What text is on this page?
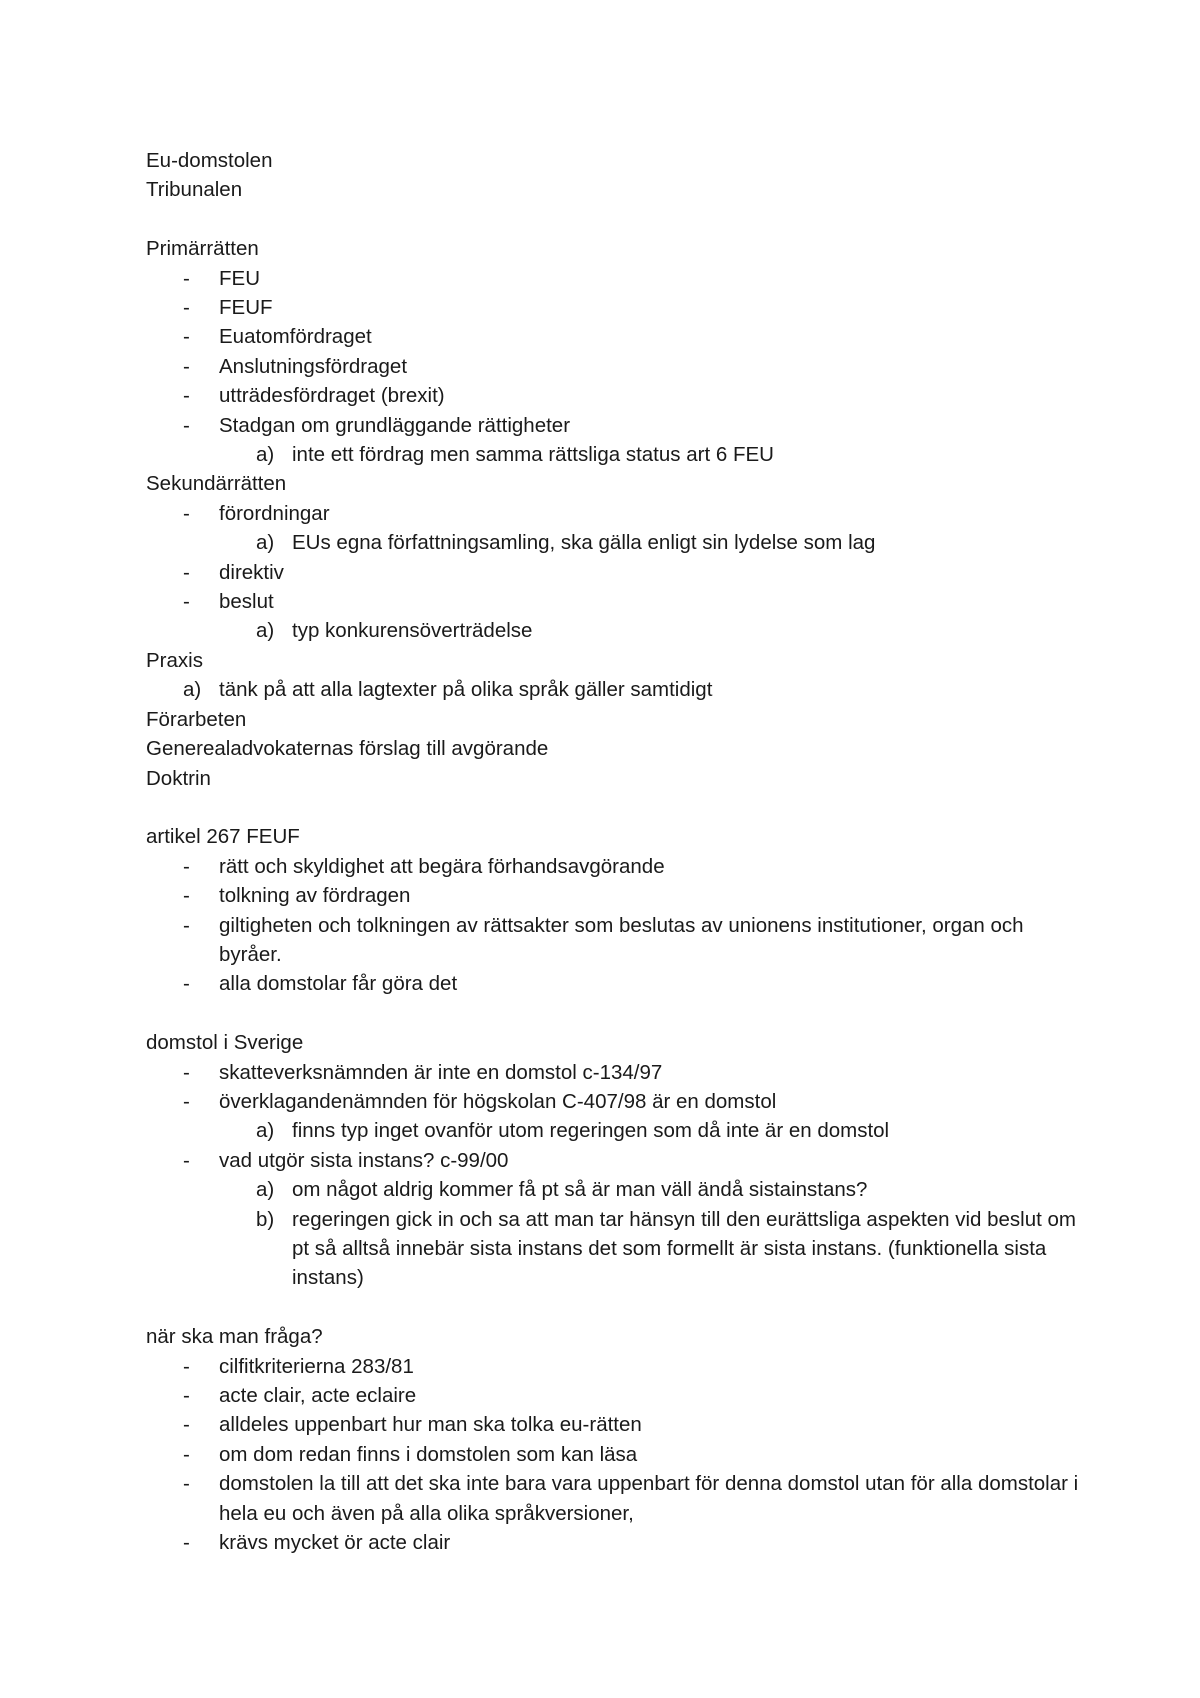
Eu-domstolen
Tribunalen
Primärrätten
- FEU
- FEUF
- Euatomfördraget
- Anslutningsfördraget
- utträdesfördraget (brexit)
- Stadgan om grundläggande rättigheter
a) inte ett fördrag men samma rättsliga status art 6 FEU
Sekundärrätten
- förordningar
a) EUs egna författningsamling, ska gälla enligt sin lydelse som lag
- direktiv
- beslut
a) typ konkurensöverträdelse
Praxis
a) tänk på att alla lagtexter på olika språk gäller samtidigt
Förarbeten
Generealadvokaternas förslag till avgörande
Doktrin
artikel 267 FEUF
- rätt och skyldighet att begära förhandsavgörande
- tolkning av fördragen
- giltigheten och tolkningen av rättsakter som beslutas av unionens institutioner, organ och byråer.
- alla domstolar får göra det
domstol i Sverige
- skatteverksnämnden är inte en domstol c-134/97
- överklagandenämnden för högskolan C-407/98 är en domstol
a) finns typ inget ovanför utom regeringen som då inte är en domstol
- vad utgör sista instans? c-99/00
a) om något aldrig kommer få pt så är man väll ändå sistainstans?
b) regeringen gick in och sa att man tar hänsyn till den eurättsliga aspekten vid beslut om pt så alltså innebär sista instans det som formellt är sista instans. (funktionella sista instans)
när ska man fråga?
- cilfitkriterierna 283/81
- acte clair, acte eclaire
- alldeles uppenbart hur man ska tolka eu-rätten
- om dom redan finns i domstolen som kan läsa
- domstolen la till att det ska inte bara vara uppenbart för denna domstol utan för alla domstolar i hela eu och även på alla olika språkversioner,
- krävs mycket ör acte clair
